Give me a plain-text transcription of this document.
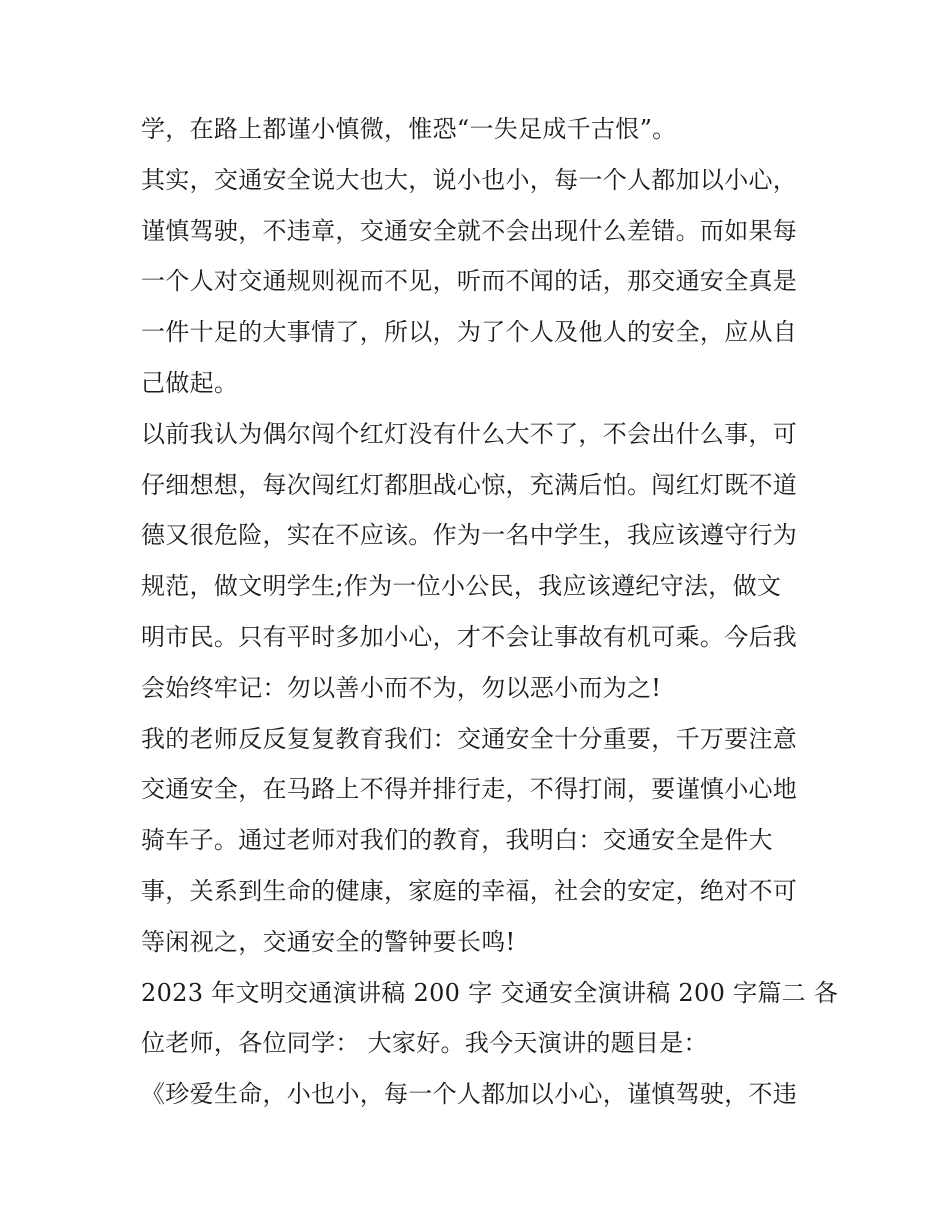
学，在路上都谨小慎微，惟恐“一失足成千古恨”。
其实，交通安全说大也大，说小也小，每一个人都加以小心，
谨慎驾驶，不违章，交通安全就不会出现什么差错。而如果每
一个人对交通规则视而不见，听而不闻的话，那交通安全真是
一件十足的大事情了，所以，为了个人及他人的安全，应从自
己做起。
以前我认为偶尔闯个红灯没有什么大不了，不会出什么事，可
仔细想想，每次闯红灯都胆战心惊，充满后怕。闯红灯既不道
德又很危险，实在不应该。作为一名中学生，我应该遵守行为
规范，做文明学生;作为一位小公民，我应该遵纪守法，做文
明市民。只有平时多加小心，才不会让事故有机可乘。今后我
会始终牢记：勿以善小而不为，勿以恶小而为之!
我的老师反反复复教育我们：交通安全十分重要，千万要注意
交通安全，在马路上不得并排行走，不得打闹，要谨慎小心地
骑车子。通过老师对我们的教育，我明白：交通安全是件大
事，关系到生命的健康，家庭的幸福，社会的安定，绝对不可
等闲视之，交通安全的警钟要长鸣!
2023 年文明交通演讲稿 200 字 交通安全演讲稿 200 字篇二 各
位老师，各位同学： 大家好。我今天演讲的题目是：
《珍爱生命，小也小，每一个人都加以小心，谨慎驾驶，不违
